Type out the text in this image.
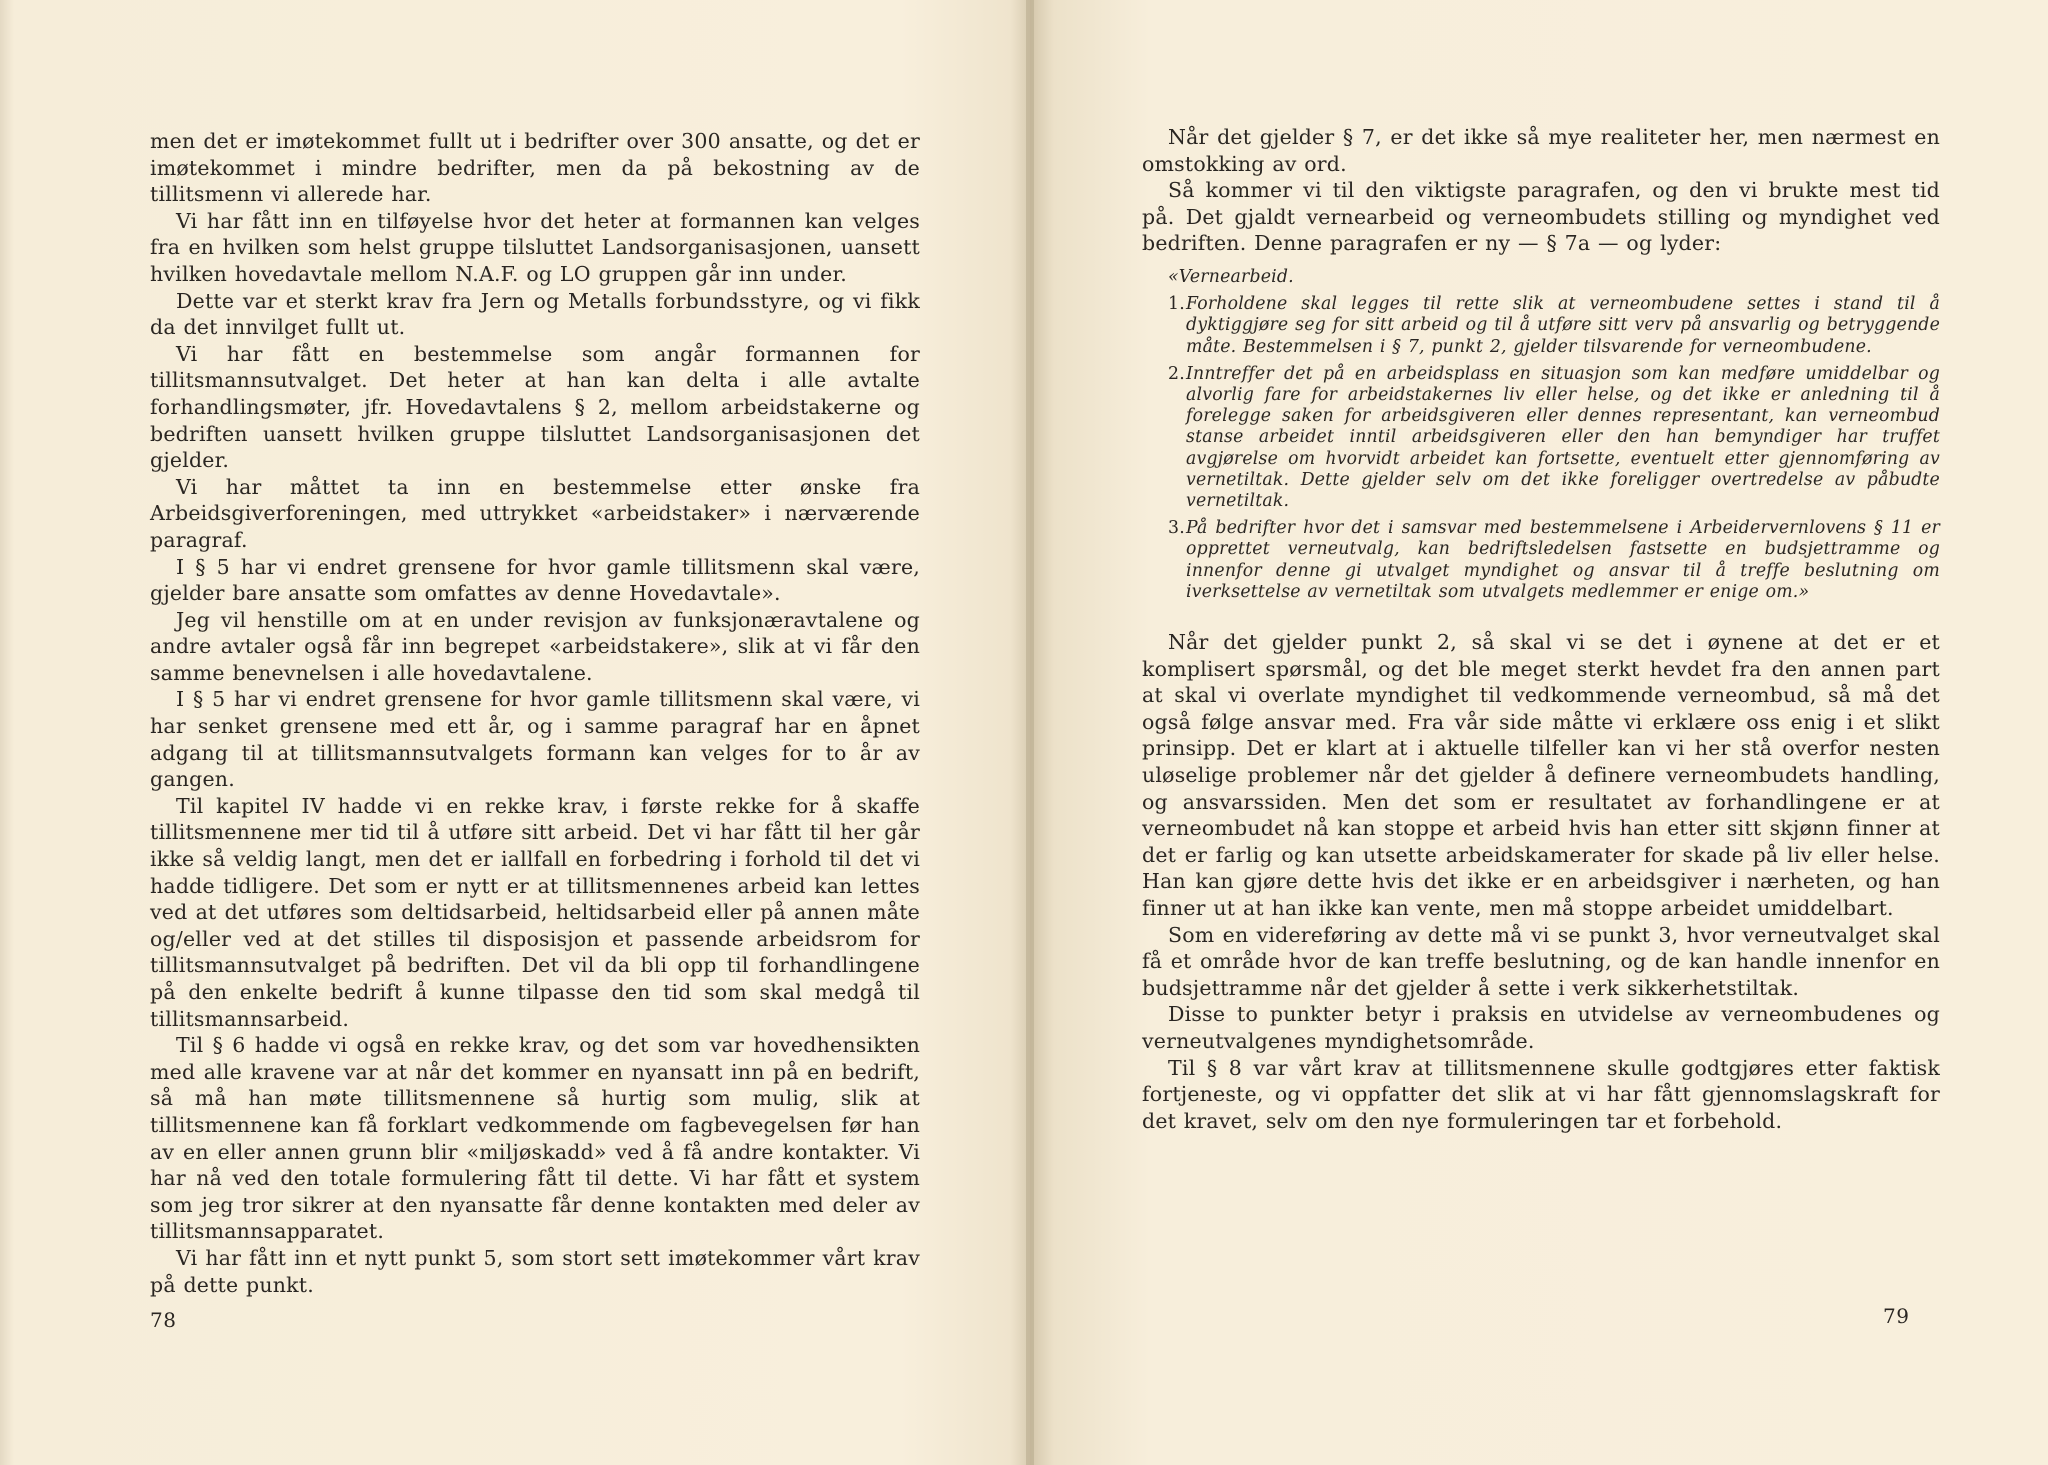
men det er imøtekommet fullt ut i bedrifter over 300 ansatte, og det er imøtekommet i mindre bedrifter, men da på bekostning av de tillitsmenn vi allerede har.

Vi har fått inn en tilføyelse hvor det heter at formannen kan velges fra en hvilken som helst gruppe tilsluttet Landsorganisasjonen, uansett hvilken hovedavtale mellom N.A.F. og LO gruppen går inn under.

Dette var et sterkt krav fra Jern og Metalls forbundsstyre, og vi fikk da det innvilget fullt ut.

Vi har fått en bestemmelse som angår formannen for tillitsmannsutvalget. Det heter at han kan delta i alle avtalte forhandlingsmøter, jfr. Hovedavtalens § 2, mellom arbeidstakerne og bedriften uansett hvilken gruppe tilsluttet Landsorganisasjonen det gjelder.

Vi har måttet ta inn en bestemmelse etter ønske fra Arbeidsgiverforeningen, med uttrykket «arbeidstaker» i nærværende paragraf.

I § 5 har vi endret grensene for hvor gamle tillitsmenn skal være, gjelder bare ansatte som omfattes av denne Hovedavtale».

Jeg vil henstille om at en under revisjon av funksjonæravtalene og andre avtaler også får inn begrepet «arbeidstakere», slik at vi får den samme benevnelsen i alle hovedavtalene.

I § 5 har vi endret grensene for hvor gamle tillitsmenn skal være, vi har senket grensene med ett år, og i samme paragraf har en åpnet adgang til at tillitsmannsutvalgets formann kan velges for to år av gangen.

Til kapitel IV hadde vi en rekke krav, i første rekke for å skaffe tillitsmennene mer tid til å utføre sitt arbeid. Det vi har fått til her går ikke så veldig langt, men det er iallfall en forbedring i forhold til det vi hadde tidligere. Det som er nytt er at tillitsmennenes arbeid kan lettes ved at det utføres som deltidsarbeid, heltidsarbeid eller på annen måte og/eller ved at det stilles til disposisjon et passende arbeidsrom for tillitsmannsutvalget på bedriften. Det vil da bli opp til forhandlingene på den enkelte bedrift å kunne tilpasse den tid som skal medgå til tillitsmannsarbeid.

Til § 6 hadde vi også en rekke krav, og det som var hovedhensikten med alle kravene var at når det kommer en nyansatt inn på en bedrift, så må han møte tillitsmennene så hurtig som mulig, slik at tillitsmennene kan få forklart vedkommende om fagbevegelsen før han av en eller annen grunn blir «miljøskadd» ved å få andre kontakter. Vi har nå ved den totale formulering fått til dette. Vi har fått et system som jeg tror sikrer at den nyansatte får denne kontakten med deler av tillitsmannsapparatet.

Vi har fått inn et nytt punkt 5, som stort sett imøtekommer vårt krav på dette punkt.

78

Når det gjelder § 7, er det ikke så mye realiteter her, men nærmest en omstokking av ord.

Så kommer vi til den viktigste paragrafen, og den vi brukte mest tid på. Det gjaldt vernearbeid og verneombudets stilling og myndighet ved bedriften. Denne paragrafen er ny — § 7a — og lyder:

«Vernearbeid.
1. Forholdene skal legges til rette slik at verneombudene settes i stand til å dyktiggjøre seg for sitt arbeid og til å utføre sitt verv på ansvarlig og betryggende måte. Bestemmelsen i § 7, punkt 2, gjelder tilsvarende for verneombudene.
2. Inntreffer det på en arbeidsplass en situasjon som kan medføre umiddelbar og alvorlig fare for arbeidstakernes liv eller helse, og det ikke er anledning til å forelegge saken for arbeidsgiveren eller dennes representant, kan verneombud stanse arbeidet inntil arbeidsgiveren eller den han bemyndiger har truffet avgjørelse om hvorvidt arbeidet kan fortsette, eventuelt etter gjennomføring av vernetiltak. Dette gjelder selv om det ikke foreligger overtredelse av påbudte vernetiltak.
3. På bedrifter hvor det i samsvar med bestemmelsene i Arbeidervernlovens § 11 er opprettet verneutvalg, kan bedriftsledelsen fastsette en budsjettramme og innenfor denne gi utvalget myndighet og ansvar til å treffe beslutning om iverksettelse av vernetiltak som utvalgets medlemmer er enige om.»

Når det gjelder punkt 2, så skal vi se det i øynene at det er et komplisert spørsmål, og det ble meget sterkt hevdet fra den annen part at skal vi overlate myndighet til vedkommende verneombud, så må det også følge ansvar med. Fra vår side måtte vi erklære oss enig i et slikt prinsipp. Det er klart at i aktuelle tilfeller kan vi her stå overfor nesten uløselige problemer når det gjelder å definere verneombudets handling, og ansvarssiden. Men det som er resultatet av forhandlingene er at verneombudet nå kan stoppe et arbeid hvis han etter sitt skjønn finner at det er farlig og kan utsette arbeidskamerater for skade på liv eller helse. Han kan gjøre dette hvis det ikke er en arbeidsgiver i nærheten, og han finner ut at han ikke kan vente, men må stoppe arbeidet umiddelbart.

Som en videreføring av dette må vi se punkt 3, hvor verneutvalget skal få et område hvor de kan treffe beslutning, og de kan handle innenfor en budsjettramme når det gjelder å sette i verk sikkerhetstiltak.

Disse to punkter betyr i praksis en utvidelse av verneombudenes og verneutvalgenes myndighetsområde.

Til § 8 var vårt krav at tillitsmennene skulle godtgjøres etter faktisk fortjeneste, og vi oppfatter det slik at vi har fått gjennomslagskraft for det kravet, selv om den nye formuleringen tar et forbehold.

79
